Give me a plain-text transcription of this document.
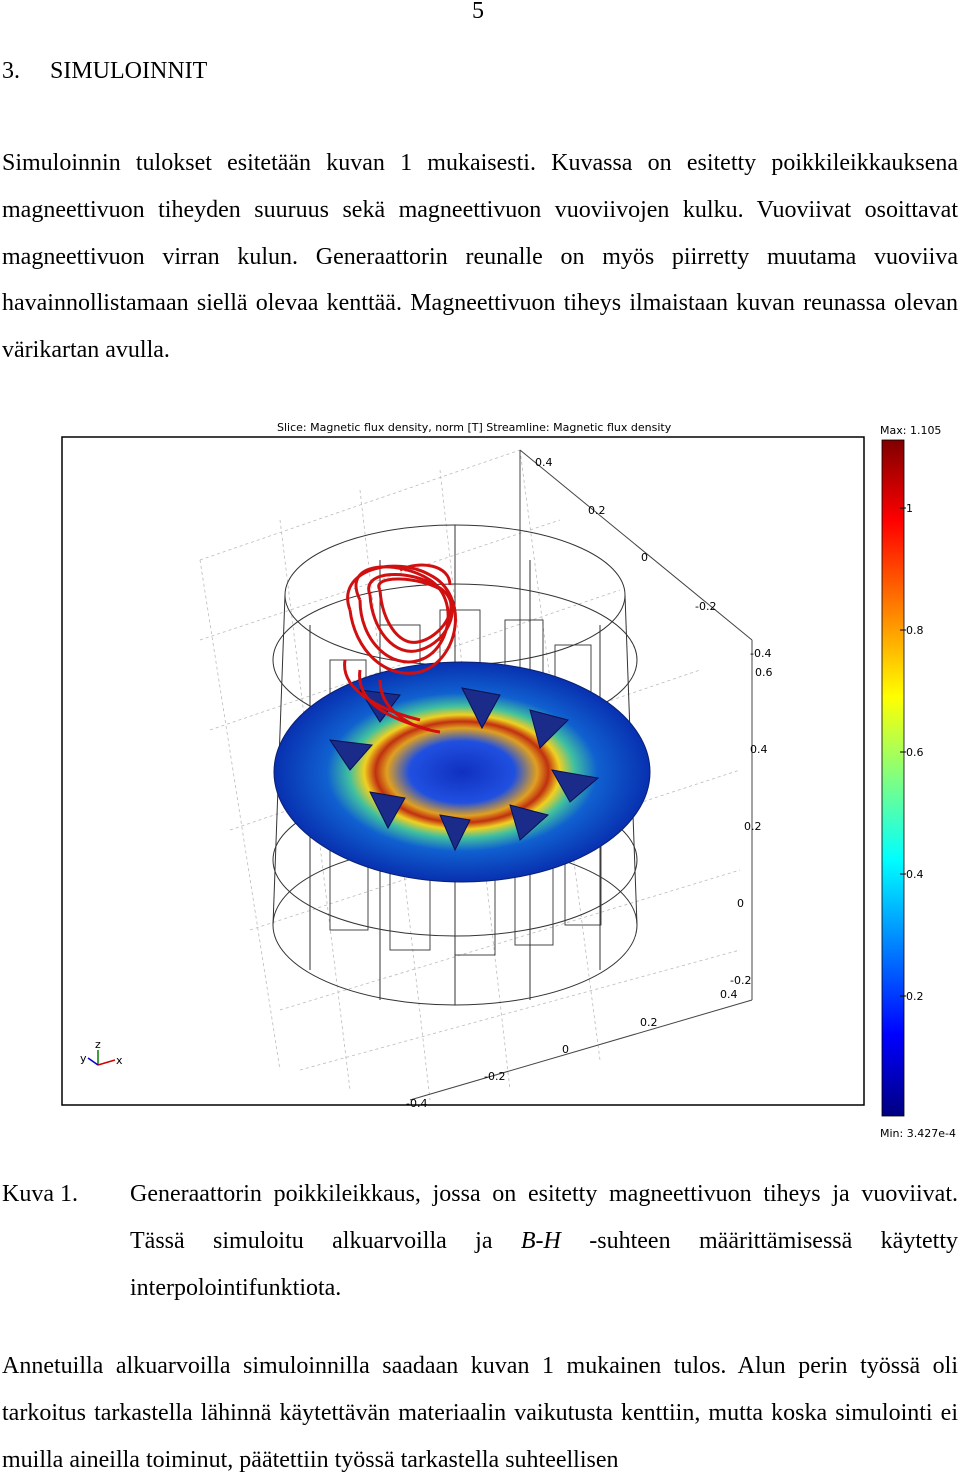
5
3. SIMULOINNIT

Simuloinnin tulokset esitetään kuvan 1 mukaisesti. Kuvassa on esitetty poikkileikkauksena magneettivuon tiheyden suuruus sekä magneettivuon vuoviivojen kulku. Vuoviivat osoittavat magneettivuon virran kulun. Generaattorin reunalle on myös piirretty muutama vuoviiva havainnollistamaan siellä olevaa kenttää. Magneettivuon tiheys ilmaistaan kuvan reunassa olevan värikartan avulla.

Slice: Magnetic flux density, norm [T] Streamline: Magnetic flux density
0.4
0.2
0
-0.2
-0.4
0.6
0.4
0.2
0
-0.2
0.4
0.2
0
-0.2
-0.4
y
z
x
Max: 1.105
Min: 3.427e-4
1
0.8
0.6
0.4
0.2
Kuva 1. Generaattorin poikkileikkaus, jossa on esitetty magneettivuon tiheys ja vuoviivat. Tässä simuloitu alkuarvoilla ja B-H -suhteen määrittämisessä käytetty interpolointifunktiota.

Annetuilla alkuarvoilla simuloinnilla saadaan kuvan 1 mukainen tulos. Alun perin työssä oli tarkoitus tarkastella lähinnä käytettävän materiaalin vaikutusta kenttiin, mutta koska simulointi ei muilla aineilla toiminut, päätettiin työssä tarkastella suhteellisen
